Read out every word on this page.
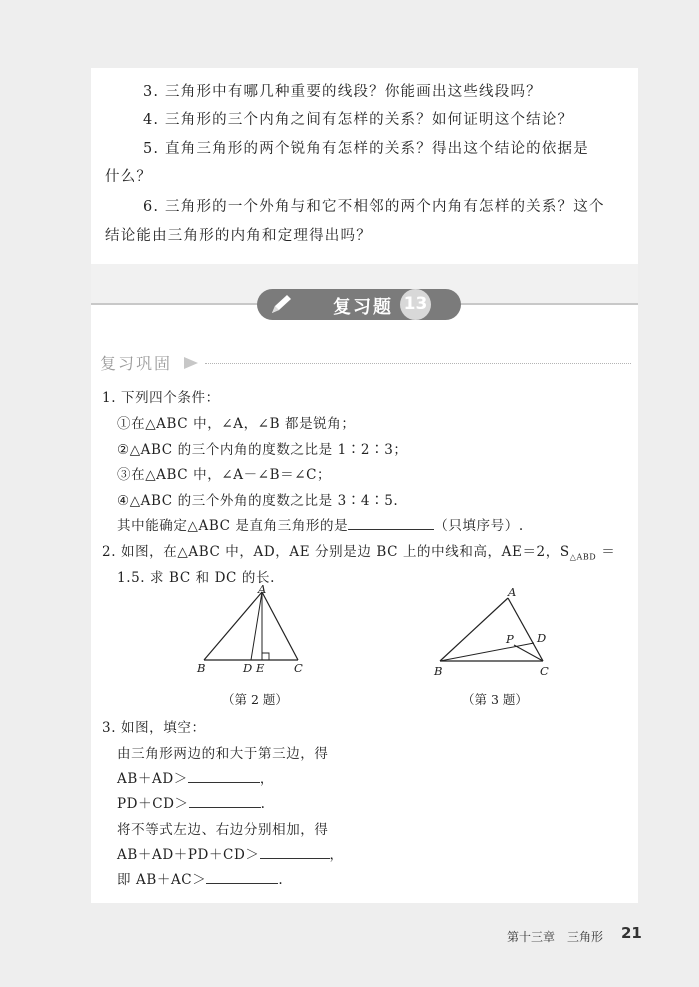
3. 三角形中有哪几种重要的线段？你能画出这些线段吗？
4. 三角形的三个内角之间有怎样的关系？如何证明这个结论？
5. 直角三角形的两个锐角有怎样的关系？得出这个结论的依据是
什么？
6. 三角形的一个外角与和它不相邻的两个内角有怎样的关系？这个
结论能由三角形的内角和定理得出吗？
复习题 13
复习巩固
1. 下列四个条件：
①在△ABC 中，∠A，∠B 都是锐角；
②△ABC 的三个内角的度数之比是 1∶2∶3；
③在△ABC 中，∠A－∠B＝∠C；
④△ABC 的三个外角的度数之比是 3∶4∶5.
其中能确定△ABC 是直角三角形的是	（只填序号）.
2. 如图，在△ABC 中，AD，AE 分别是边 BC 上的中线和高，AE＝2，$S_{\triangle ABD}$ ＝
1.5. 求 BC 和 DC 的长.
A
B	C
D E
（第 2 题）
A
B	C
D
P
（第 3 题）
3. 如图，填空：
由三角形两边的和大于第三边，得
AB＋AD＞	，
PD＋CD＞	.
将不等式左边、右边分别相加，得
AB＋AD＋PD＋CD＞	，
即 AB＋AC＞	.
第十三章　三角形 21
